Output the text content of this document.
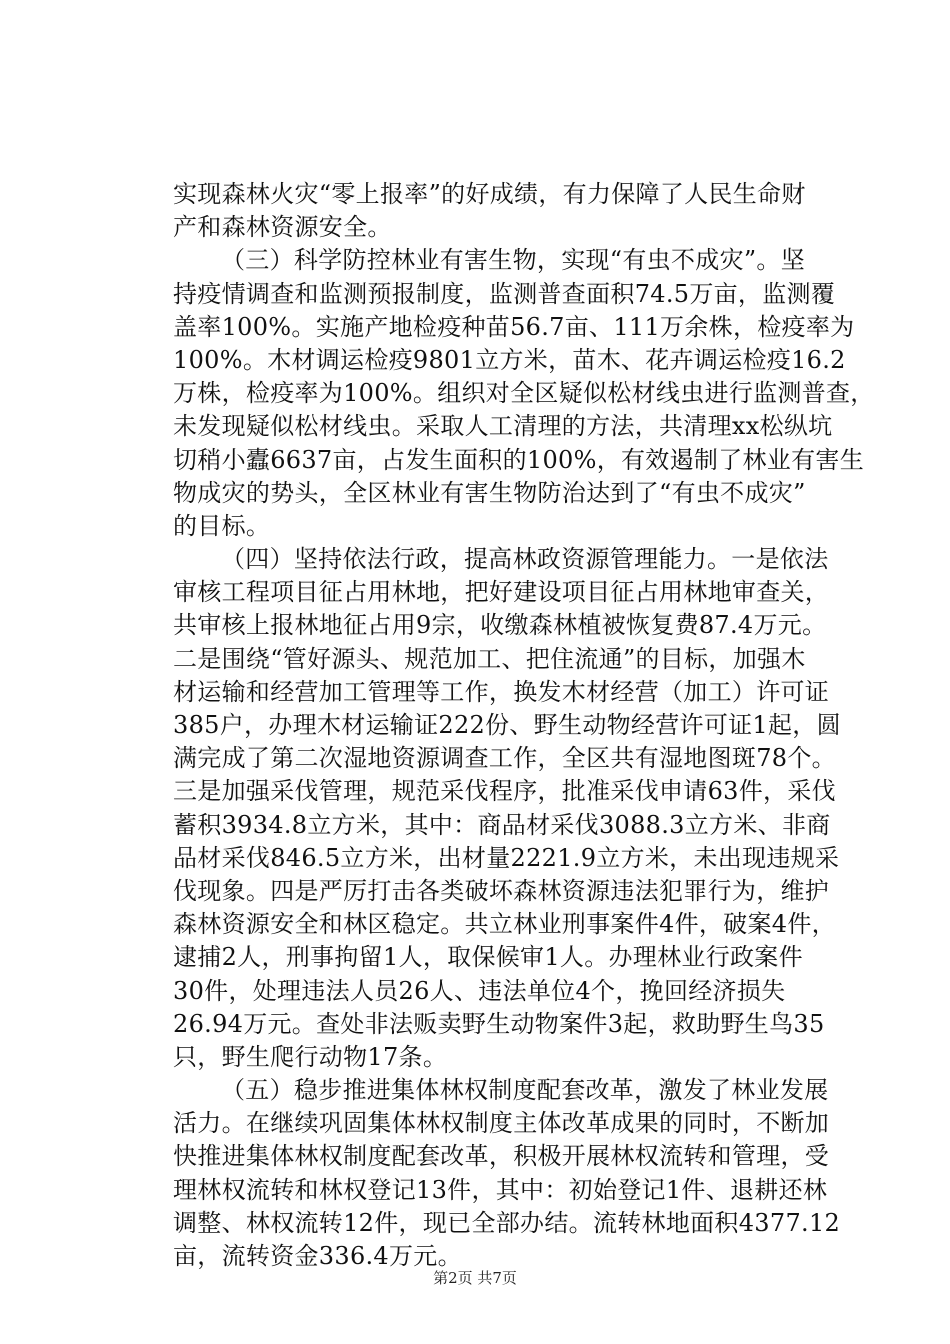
实现森林火灾“零上报率”的好成绩，有力保障了人民生命财
产和森林资源安全。
（三）科学防控林业有害生物，实现“有虫不成灾”。坚
持疫情调查和监测预报制度，监测普查面积74.5万亩，监测覆
盖率100%。实施产地检疫种苗56.7亩、111万余株，检疫率为
100%。木材调运检疫9801立方米，苗木、花卉调运检疫16.2
万株，检疫率为100%。组织对全区疑似松材线虫进行监测普查，
未发现疑似松材线虫。采取人工清理的方法，共清理xx松纵坑
切稍小蠹6637亩，占发生面积的100%，有效遏制了林业有害生
物成灾的势头，全区林业有害生物防治达到了“有虫不成灾”
的目标。
（四）坚持依法行政，提高林政资源管理能力。一是依法
审核工程项目征占用林地，把好建设项目征占用林地审查关，
共审核上报林地征占用9宗，收缴森林植被恢复费87.4万元。
二是围绕“管好源头、规范加工、把住流通”的目标，加强木
材运输和经营加工管理等工作，换发木材经营（加工）许可证
385户，办理木材运输证222份、野生动物经营许可证1起，圆
满完成了第二次湿地资源调查工作，全区共有湿地图斑78个。
三是加强采伐管理，规范采伐程序，批准采伐申请63件，采伐
蓄积3934.8立方米，其中：商品材采伐3088.3立方米、非商
品材采伐846.5立方米，出材量2221.9立方米，未出现违规采
伐现象。四是严厉打击各类破坏森林资源违法犯罪行为，维护
森林资源安全和林区稳定。共立林业刑事案件4件，破案4件，
逮捕2人，刑事拘留1人，取保候审1人。办理林业行政案件
30件，处理违法人员26人、违法单位4个，挽回经济损失
26.94万元。查处非法贩卖野生动物案件3起，救助野生鸟35
只，野生爬行动物17条。
（五）稳步推进集体林权制度配套改革，激发了林业发展
活力。在继续巩固集体林权制度主体改革成果的同时，不断加
快推进集体林权制度配套改革，积极开展林权流转和管理，受
理林权流转和林权登记13件，其中：初始登记1件、退耕还林
调整、林权流转12件，现已全部办结。流转林地面积4377.12
亩，流转资金336.4万元。
第2页 共7页
